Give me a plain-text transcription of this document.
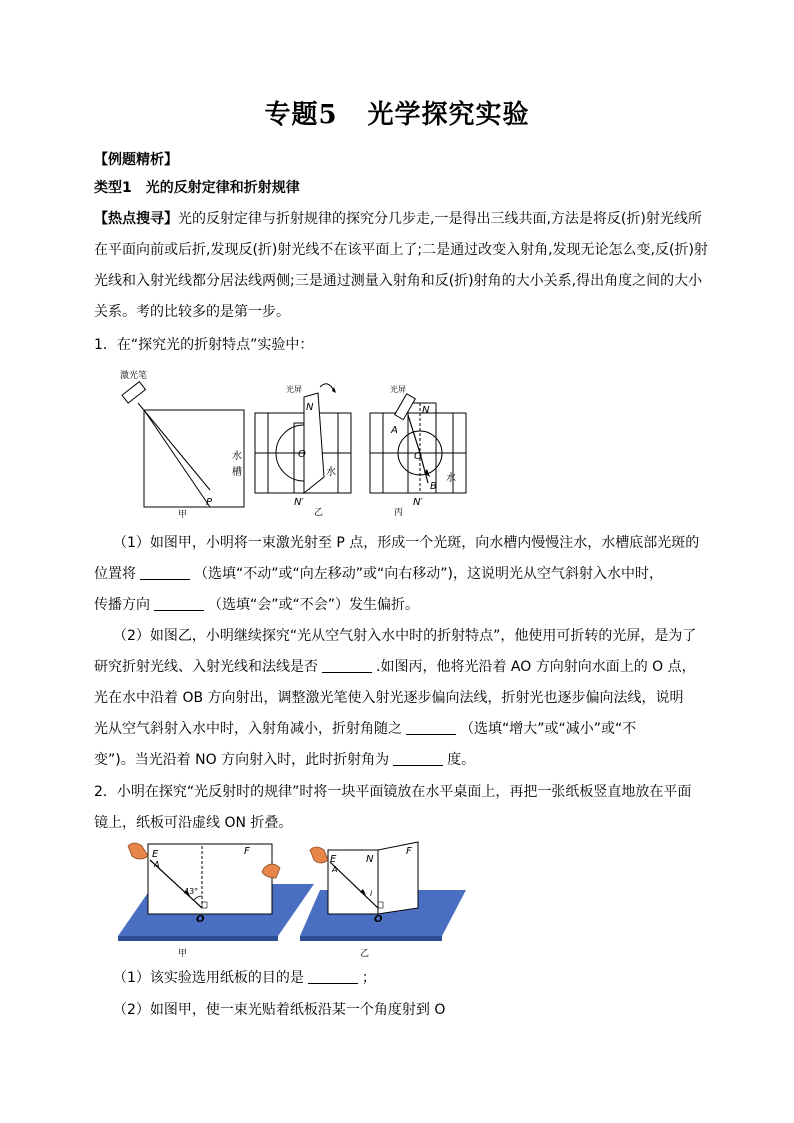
专题5 光学探究实验
【例题精析】
类型1　光的反射定律和折射规律
【热点搜寻】光的反射定律与折射规律的探究分几步走,一是得出三线共面,方法是将反(折)射光线所
在平面向前或后折,发现反(折)射光线不在该平面上了;二是通过改变入射角,发现无论怎么变,反(折)射
光线和入射光线都分居法线两侧;三是通过测量入射角和反(折)射角的大小关系,得出角度之间的大小
关系。考的比较多的是第一步。
1．在“探究光的折射特点”实验中：
激光笔
P
甲
水
槽
光屏
N
O
水
N′
乙
光屏
N
A
O
B
水
N′
丙
（1）如图甲，小明将一束激光射至 P 点，形成一个光斑，向水槽内慢慢注水，水槽底部光斑的
位置将	（选填“不动”或“向左移动”或“向右移动”)，这说明光从空气斜射入水中时，
传播方向	（选填“会”或“不会”）发生偏折。
（2）如图乙，小明继续探究“光从空气射入水中时的折射特点”，他使用可折转的光屏，是为了
研究折射光线、入射光线和法线是否	.如图丙，他将光沿着 AO 方向射向水面上的 O 点，
光在水中沿着 OB 方向射出，调整激光笔使入射光逐步偏向法线，折射光也逐步偏向法线，说明
光从空气斜射入水中时，入射角减小，折射角随之	（选填“增大”或“减小”或“不
变”)。当光沿着 NO 方向射入时，此时折射角为	度。
2．小明在探究“光反射时的规律”时将一块平面镜放在水平桌面上，再把一张纸板竖直地放在平面
镜上，纸板可沿虚线 ON 折叠。
E
A
F
43°
O
甲
E
A
N
F
i
O
乙
（1）该实验选用纸板的目的是	；
（2）如图甲，使一束光贴着纸板沿某一个角度射到 O
